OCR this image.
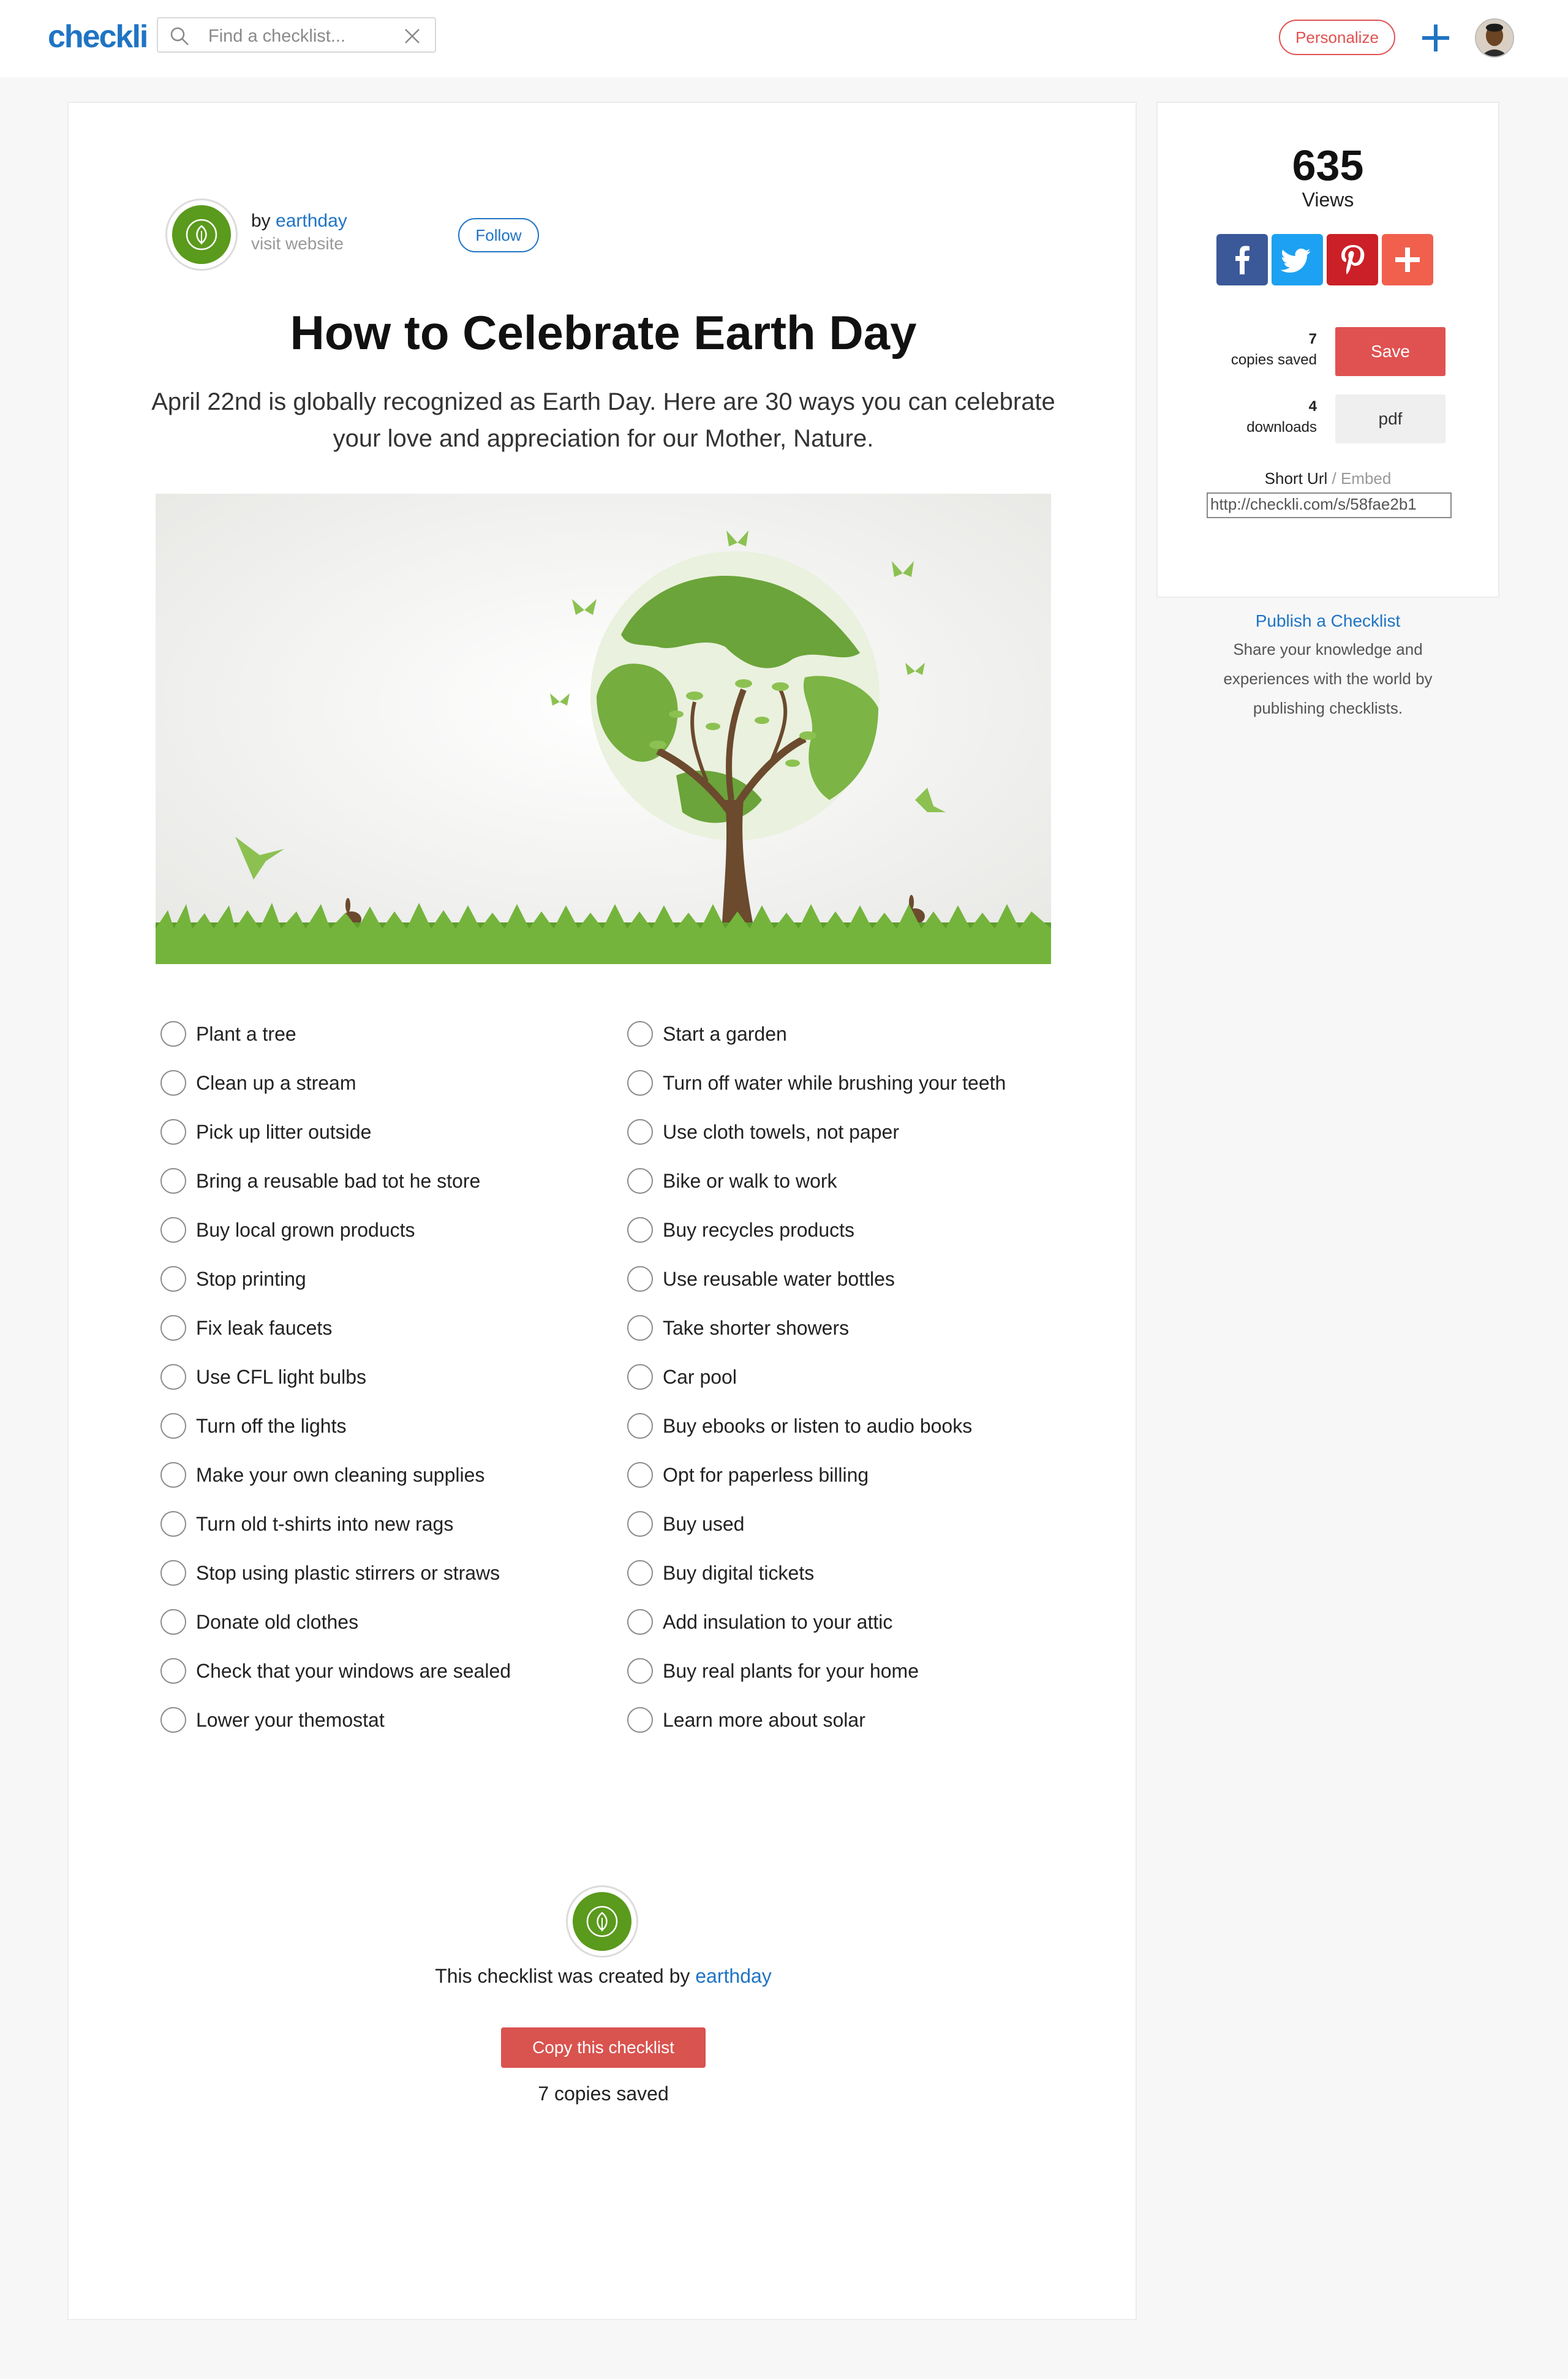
checkli
Find a checklist...	Personalize
by earthday
visit website	Follow
How to Celebrate Earth Day
April 22nd is globally recognized as Earth Day. Here are 30 ways you can celebrate your love and appreciation for our Mother, Nature.
Plant a tree
Clean up a stream
Pick up litter outside
Bring a reusable bad tot he store
Buy local grown products
Stop printing
Fix leak faucets
Use CFL light bulbs
Turn off the lights
Make your own cleaning supplies
Turn old t-shirts into new rags
Stop using plastic stirrers or straws
Donate old clothes
Check that your windows are sealed
Lower your themostat
Start a garden
Turn off water while brushing your teeth
Use cloth towels, not paper
Bike or walk to work
Buy recycles products
Use reusable water bottles
Take shorter showers
Car pool
Buy ebooks or listen to audio books
Opt for paperless billing
Buy used
Buy digital tickets
Add insulation to your attic
Buy real plants for your home
Learn more about solar
This checklist was created by earthday
Copy this checklist
7 copies saved
635
Views
7
copies saved	Save
4
downloads	pdf
Short Url / Embed
http://checkli.com/s/58fae2b1
Publish a Checklist
Share your knowledge and experiences with the world by publishing checklists.
